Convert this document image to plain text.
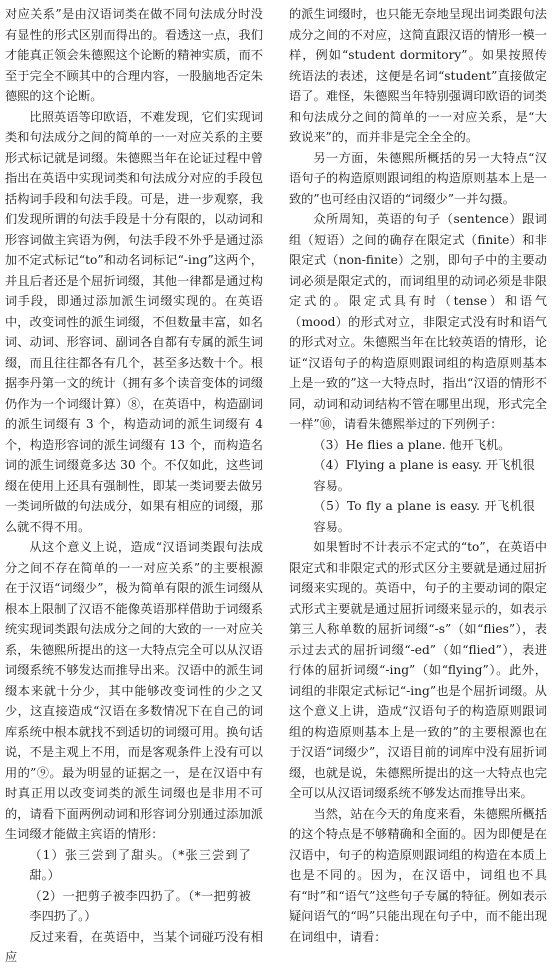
对应关系”是由汉语词类在做不同句法成分时没有显性的形式区别而得出的。看透这一点，我们才能真正领会朱德熙这个论断的精神实质，而不至于完全不顾其中的合理内容，一股脑地否定朱德熙的这个论断。

比照英语等印欧语，不难发现，它们实现词类和句法成分之间的简单的一一对应关系的主要形式标记就是词缀。朱德熙当年在论证过程中曾指出在英语中实现词类和句法成分对应的手段包括构词手段和句法手段。可是，进一步观察，我们发现所谓的句法手段是十分有限的，以动词和形容词做主宾语为例，句法手段不外乎是通过添加不定式标记“to”和动名词标记“-ing”这两个，并且后者还是个屈折词缀，其他一律都是通过构词手段，即通过添加派生词缀实现的。在英语中，改变词性的派生词缀，不但数量丰富，如名词、动词、形容词、副词各自都有专属的派生词缀，而且往往都各有几个，甚至多达数十个。根据李丹第一文的统计（拥有多个读音变体的词缀仍作为一个词缀计算）⑧，在英语中，构造副词的派生词缀有 3 个，构造动词的派生词缀有 4 个，构造形容词的派生词缀有 13 个，而构造名词的派生词缀竟多达 30 个。不仅如此，这些词缀在使用上还具有强制性，即某一类词要去做另一类词所做的句法成分，如果有相应的词缀，那么就不得不用。

从这个意义上说，造成“汉语词类跟句法成分之间不存在简单的一一对应关系”的主要根源在于汉语“词缀少”，极为简单有限的派生词缀从根本上限制了汉语不能像英语那样借助于词缀系统实现词类跟句法成分之间的大致的一一对应关系，朱德熙所提出的这一大特点完全可以从汉语词缀系统不够发达而推导出来。汉语中的派生词缀本来就十分少，其中能够改变词性的少之又少，这直接造成“汉语在多数情况下在自己的词库系统中根本就找不到适切的词缀可用。换句话说，不是主观上不用，而是客观条件上没有可以用的”⑨。最为明显的证据之一，是在汉语中有时真正用以改变词类的派生词缀也是非用不可的，请看下面两例动词和形容词分别通过添加派生词缀才能做主宾语的情形：

（1）张三尝到了甜头。（*张三尝到了甜。）

（2）一把剪子被李四扔了。（*一把剪被李四扔了。）

反过来看，在英语中，当某个词碰巧没有相应

的派生词缀时，也只能无奈地呈现出词类跟句法成分之间的不对应，这简直跟汉语的情形一模一样，例如“student dormitory”。如果按照传统语法的表述，这便是名词“student”直接做定语了。难怪，朱德熙当年特别强调印欧语的词类和句法成分之间的简单的一一对应关系，是“大致说来”的，而并非是完全全全的。

另一方面，朱德熙所概括的另一大特点“汉语句子的构造原则跟词组的构造原则基本上是一致的”也可经由汉语的“词缀少”一并勾摄。

众所周知，英语的句子（sentence）跟词组（短语）之间的确存在限定式（finite）和非限定式（non-finite）之别，即句子中的主要动词必须是限定式的，而词组里的动词必须是非限定式的。限定式具有时（tense）和语气（mood）的形式对立，非限定式没有时和语气的形式对立。朱德熙当年在比较英语的情形，论证“汉语句子的构造原则跟词组的构造原则基本上是一致的”这一大特点时，指出“汉语的情形不同，动词和动词结构不管在哪里出现，形式完全一样”⑩，请看朱德熙举过的下列例子：

（3）He flies a plane. 他开飞机。

（4）Flying a plane is easy. 开飞机很容易。

（5）To fly a plane is easy. 开飞机很容易。

如果暂时不计表示不定式的“to”，在英语中限定式和非限定式的形式区分主要就是通过屈折词缀来实现的。英语中，句子的主要动词的限定式形式主要就是通过屈折词缀来显示的，如表示第三人称单数的屈折词缀“-s”（如“flies”），表示过去式的屈折词缀“-ed”（如“flied”），表进行体的屈折词缀“-ing”（如“flying”）。此外，词组的非限定式标记“-ing”也是个屈折词缀。从这个意义上讲，造成“汉语句子的构造原则跟词组的构造原则基本上是一致的”的主要根源也在于汉语“词缀少”，汉语目前的词库中没有屈折词缀，也就是说，朱德熙所提出的这一大特点也完全可以从汉语词缀系统不够发达而推导出来。

当然，站在今天的角度来看，朱德熙所概括的这个特点是不够精确和全面的。因为即便是在汉语中，句子的构造原则跟词组的构造在本质上也是不同的。因为，在汉语中，词组也不具有“时”和“语气”这些句子专属的特征。例如表示疑问语气的“吗”只能出现在句子中，而不能出现在词组中，请看：
